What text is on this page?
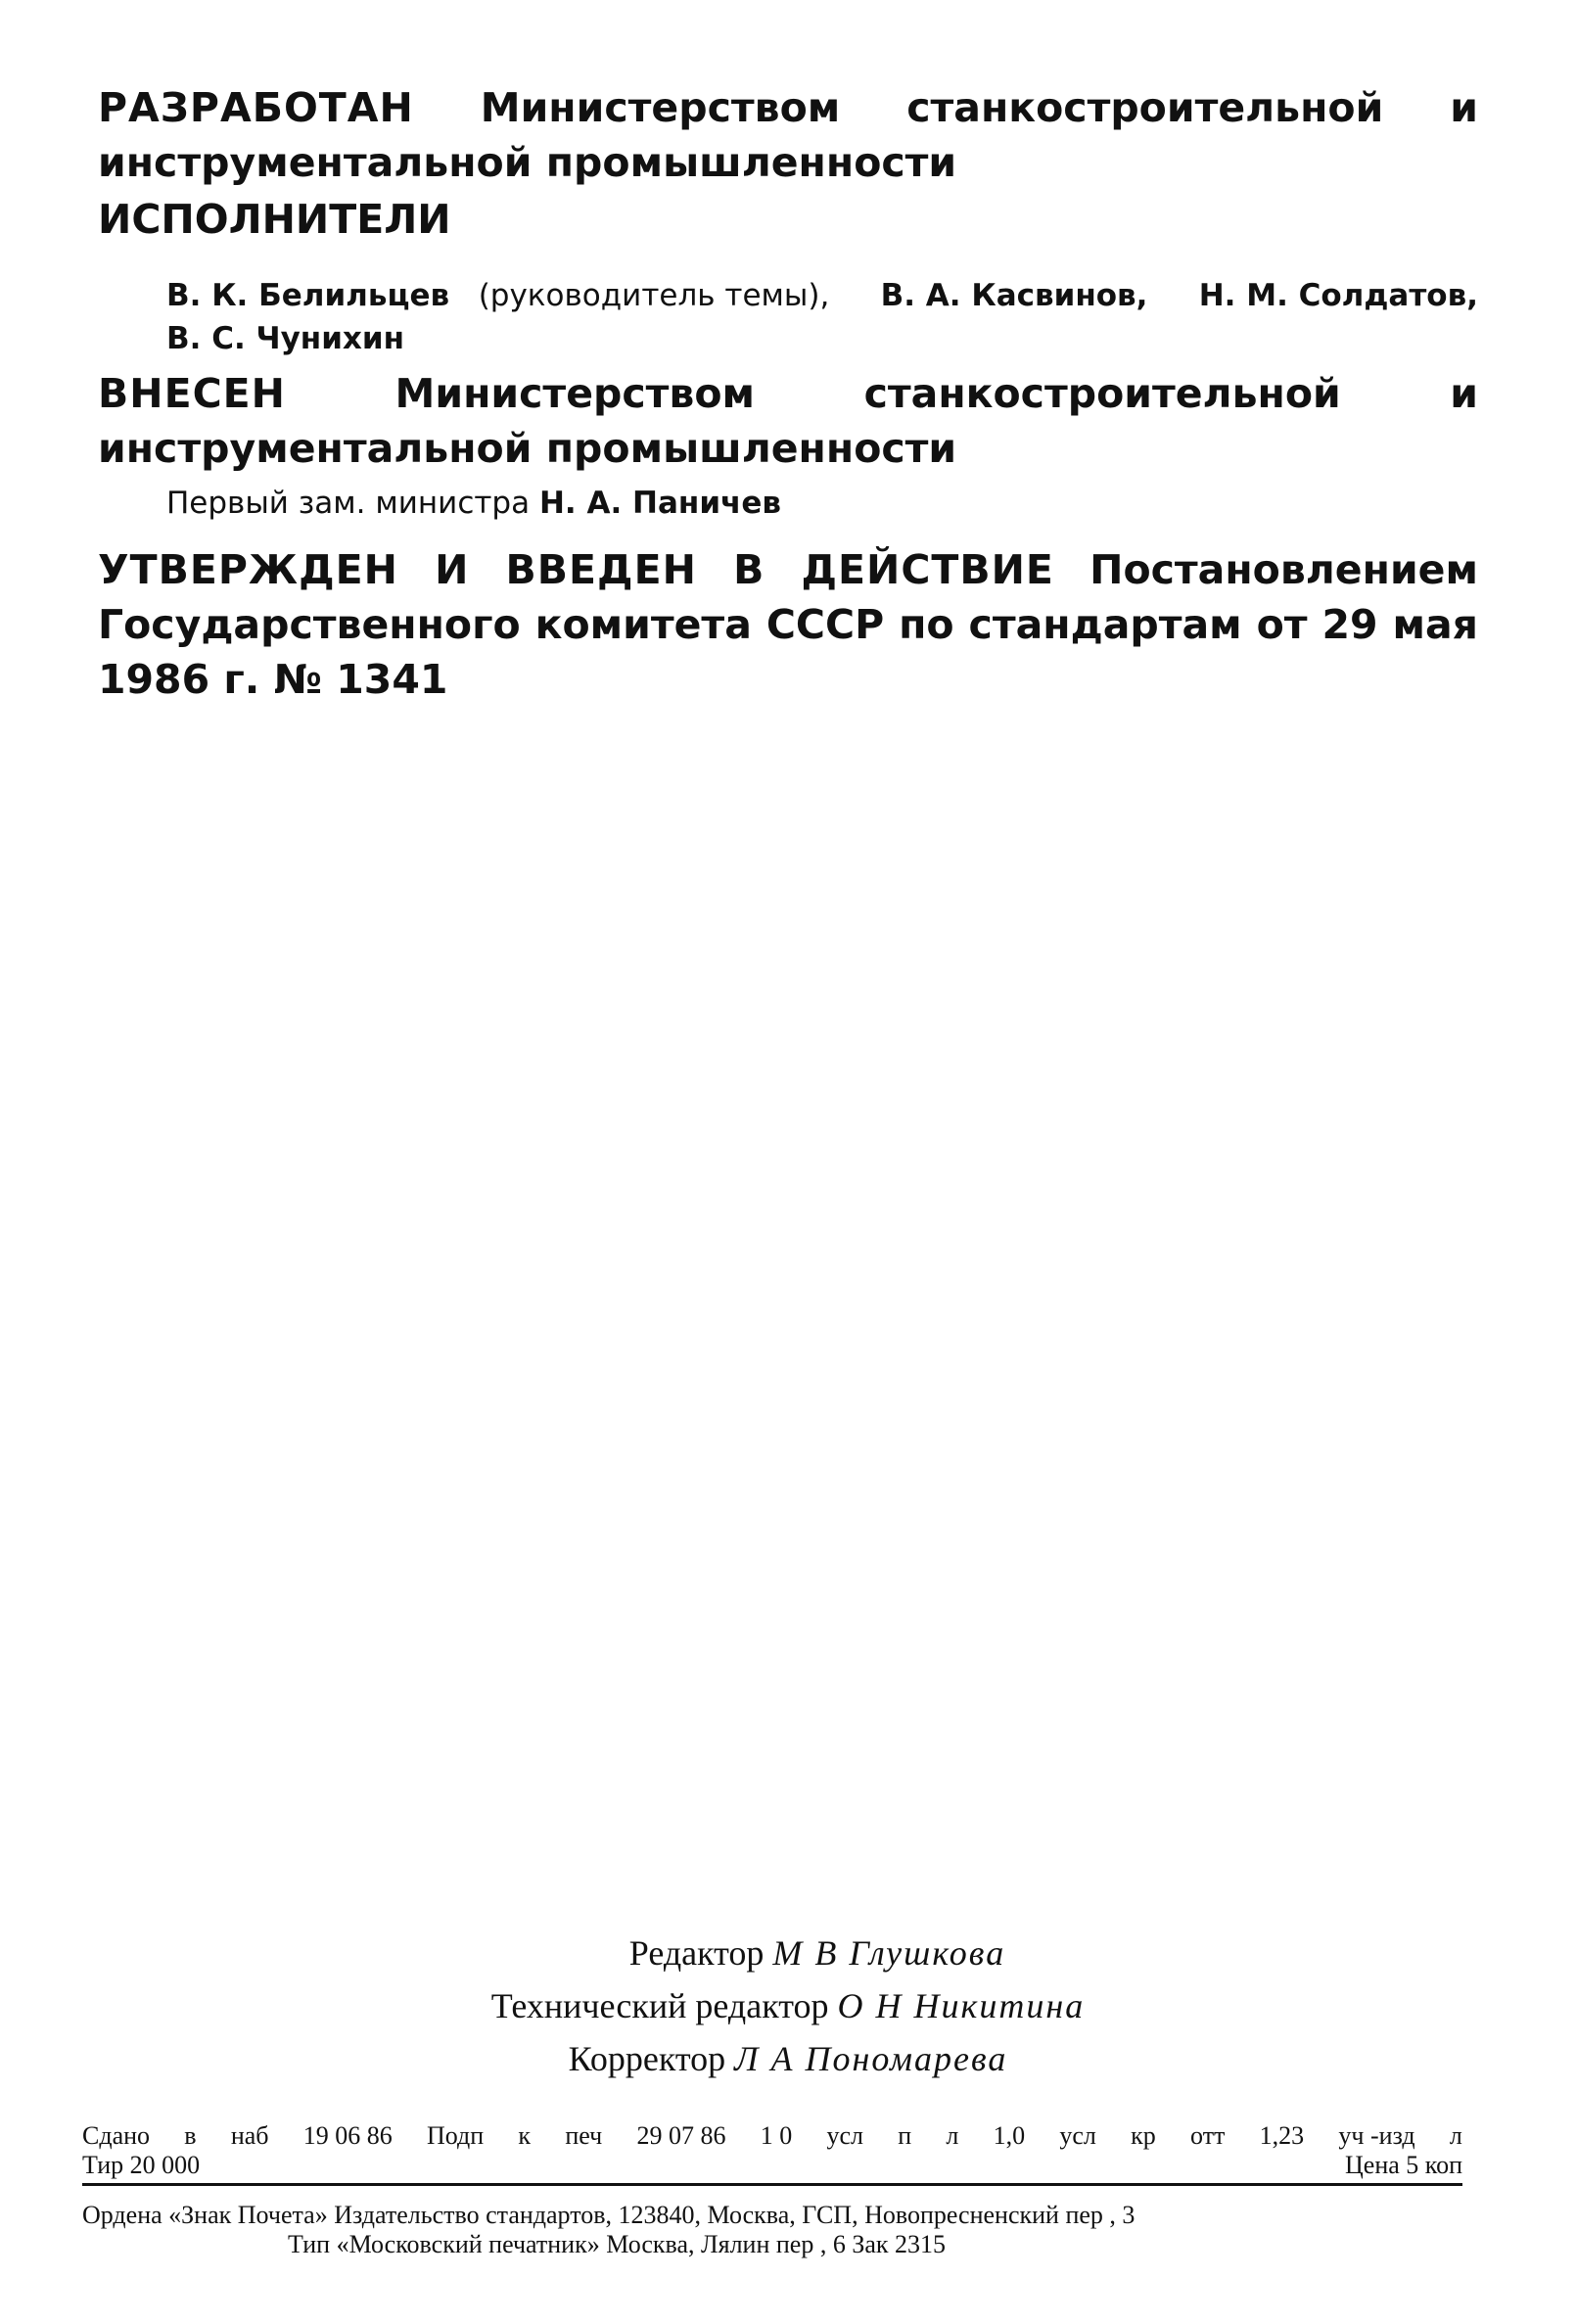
РАЗРАБОТАН Министерством станкостроительной и инструментальной промышленности
ИСПОЛНИТЕЛИ
В. К. Белильцев (руководитель темы), В. А. Касвинов, Н. М. Солдатов,
В. С. Чунихин
ВНЕСЕН	Министерством станкостроительной и инструментальной промышленности
Первый зам. министра Н. А. Паничев
УТВЕРЖДЕН И ВВЕДЕН В ДЕЙСТВИЕ Постановлением Государственного комитета СССР по стандартам от 29 мая 1986 г. № 1341
Редактор М В Глушкова
Технический редактор О Н Никитина
Корректор Л А Пономарева
Сдано в наб 19 06 86 Подп к печ 29 07 86 1 0 усл п л 1,0 усл кр отт 1,23 уч -изд л
Тир 20 000	Цена 5 коп
Ордена «Знак Почета» Издательство стандартов, 123840, Москва, ГСП, Новопресненский пер , 3
Тип «Московский печатник» Москва, Лялин пер , 6 Зак 2315
